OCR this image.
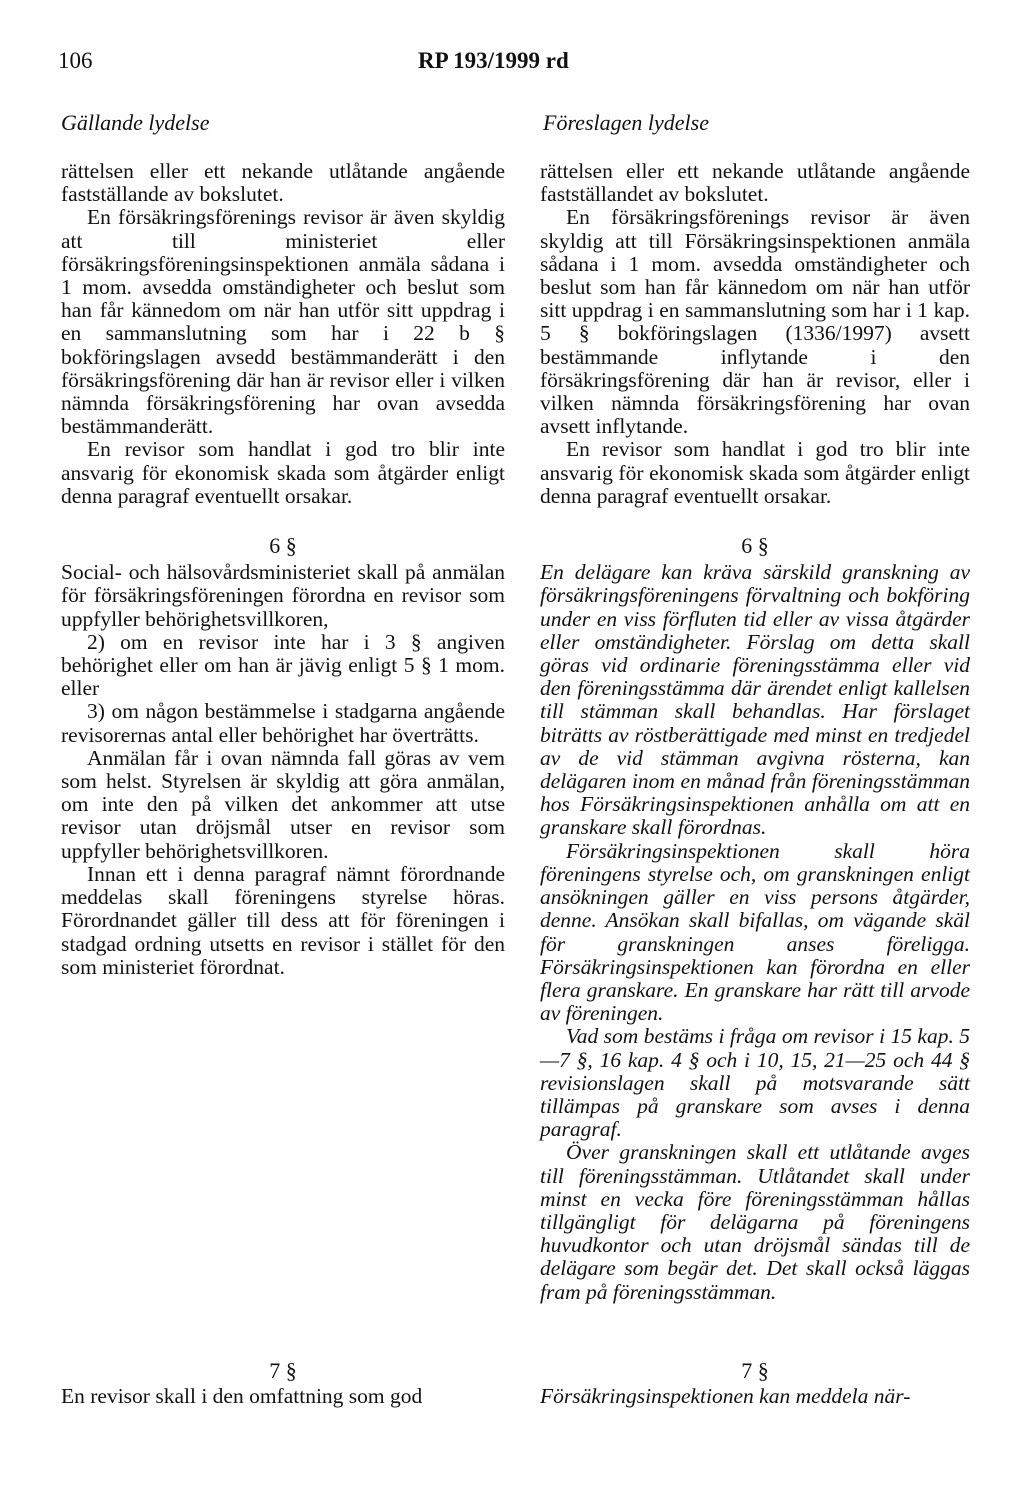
106	RP 193/1999 rd
Gällande lydelse	Föreslagen lydelse

rättelsen eller ett nekande utlåtande angående fastställande av bokslutet.

En försäkringsförenings revisor är även skyldig att till ministeriet eller försäkringsföreningsinspektionen anmäla sådana i 1 mom. avsedda omständigheter och beslut som han får kännedom om när han utför sitt uppdrag i en sammanslutning som har i 22 b § bokföringslagen avsedd bestämmanderätt i den försäkringsförening där han är revisor eller i vilken nämnda försäkringsförening har ovan avsedda bestämmanderätt.

En revisor som handlat i god tro blir inte ansvarig för ekonomisk skada som åtgärder enligt denna paragraf eventuellt orsakar.

6 §

Social- och hälsovårdsministeriet skall på anmälan för försäkringsföreningen förordna en revisor som uppfyller behörighetsvillkoren,

2) om en revisor inte har i 3 § angiven behörighet eller om han är jävig enligt 5 § 1 mom. eller

3) om någon bestämmelse i stadgarna angående revisorernas antal eller behörighet har överträtts.

Anmälan får i ovan nämnda fall göras av vem som helst. Styrelsen är skyldig att göra anmälan, om inte den på vilken det ankommer att utse revisor utan dröjsmål utser en revisor som uppfyller behörighetsvillkoren.

Innan ett i denna paragraf nämnt förordnande meddelas skall föreningens styrelse höras. Förordnandet gäller till dess att för föreningen i stadgad ordning utsetts en revisor i stället för den som ministeriet förordnat.

rättelsen eller ett nekande utlåtande angående fastställandet av bokslutet.

En försäkringsförenings revisor är även skyldig att till Försäkringsinspektionen anmäla sådana i 1 mom. avsedda omständigheter och beslut som han får kännedom om när han utför sitt uppdrag i en sammanslutning som har i 1 kap. 5 § bokföringslagen (1336/1997) avsett bestämmande inflytande i den försäkringsförening där han är revisor, eller i vilken nämnda försäkringsförening har ovan avsett inflytande.

En revisor som handlat i god tro blir inte ansvarig för ekonomisk skada som åtgärder enligt denna paragraf eventuellt orsakar.

6 §

En delägare kan kräva särskild granskning av försäkringsföreningens förvaltning och bokföring under en viss förfluten tid eller av vissa åtgärder eller omständigheter. Förslag om detta skall göras vid ordinarie föreningsstämma eller vid den föreningsstämma där ärendet enligt kallelsen till stämman skall behandlas. Har förslaget biträtts av röstberättigade med minst en tredjedel av de vid stämman avgivna rösterna, kan delägaren inom en månad från föreningsstämman hos Försäkringsinspektionen anhålla om att en granskare skall förordnas.

Försäkringsinspektionen skall höra föreningens styrelse och, om granskningen enligt ansökningen gäller en viss persons åtgärder, denne. Ansökan skall bifallas, om vägande skäl för granskningen anses föreligga. Försäkringsinspektionen kan förordna en eller flera granskare. En granskare har rätt till arvode av föreningen.

Vad som bestäms i fråga om revisor i 15 kap. 5—7 §, 16 kap. 4 § och i 10, 15, 21—25 och 44 § revisionslagen skall på motsvarande sätt tillämpas på granskare som avses i denna paragraf.

Över granskningen skall ett utlåtande avges till föreningsstämman. Utlåtandet skall under minst en vecka före föreningsstämman hållas tillgängligt för delägarna på föreningens huvudkontor och utan dröjsmål sändas till de delägare som begär det. Det skall också läggas fram på föreningsstämman.

7 §	7 §
En revisor skall i den omfattning som god	Försäkringsinspektionen kan meddela när-
